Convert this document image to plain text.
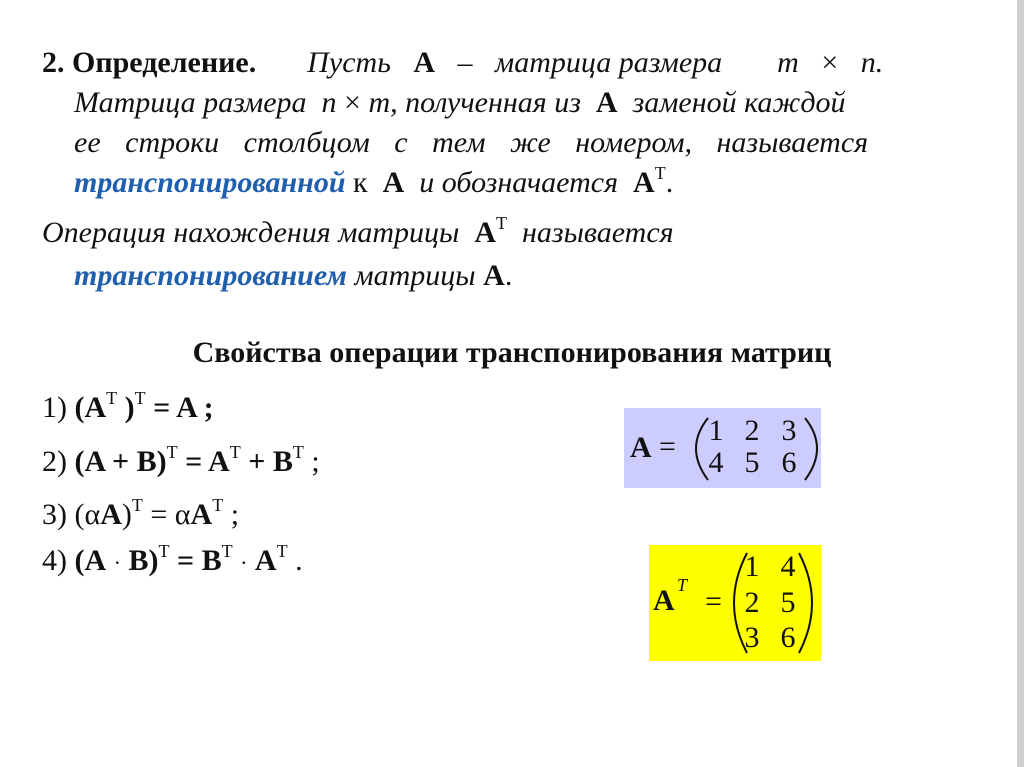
2. Определение. Пусть A – матрица размера m × n.
Матрица размера n × m, полученная из A заменой каждой
ее строки столбцом с тем же номером, называется
транспонированной к A и обозначается $A^T$.
Операция нахождения матрицы $A^T$ называется
транспонированием матрицы A.
Свойства операции транспонирования матриц
1) ($A^T$ )$^T$ = A ;
2) $(A + B)^T = A^T + B^T$ ;
3) $(\alpha A)^T = \alpha A^T$ ;
4) $(A \cdot B)^T = B^T \cdot A^T$ .
A = 1 2 3
4 5 6
A T =
1 4
2 5
3 6
